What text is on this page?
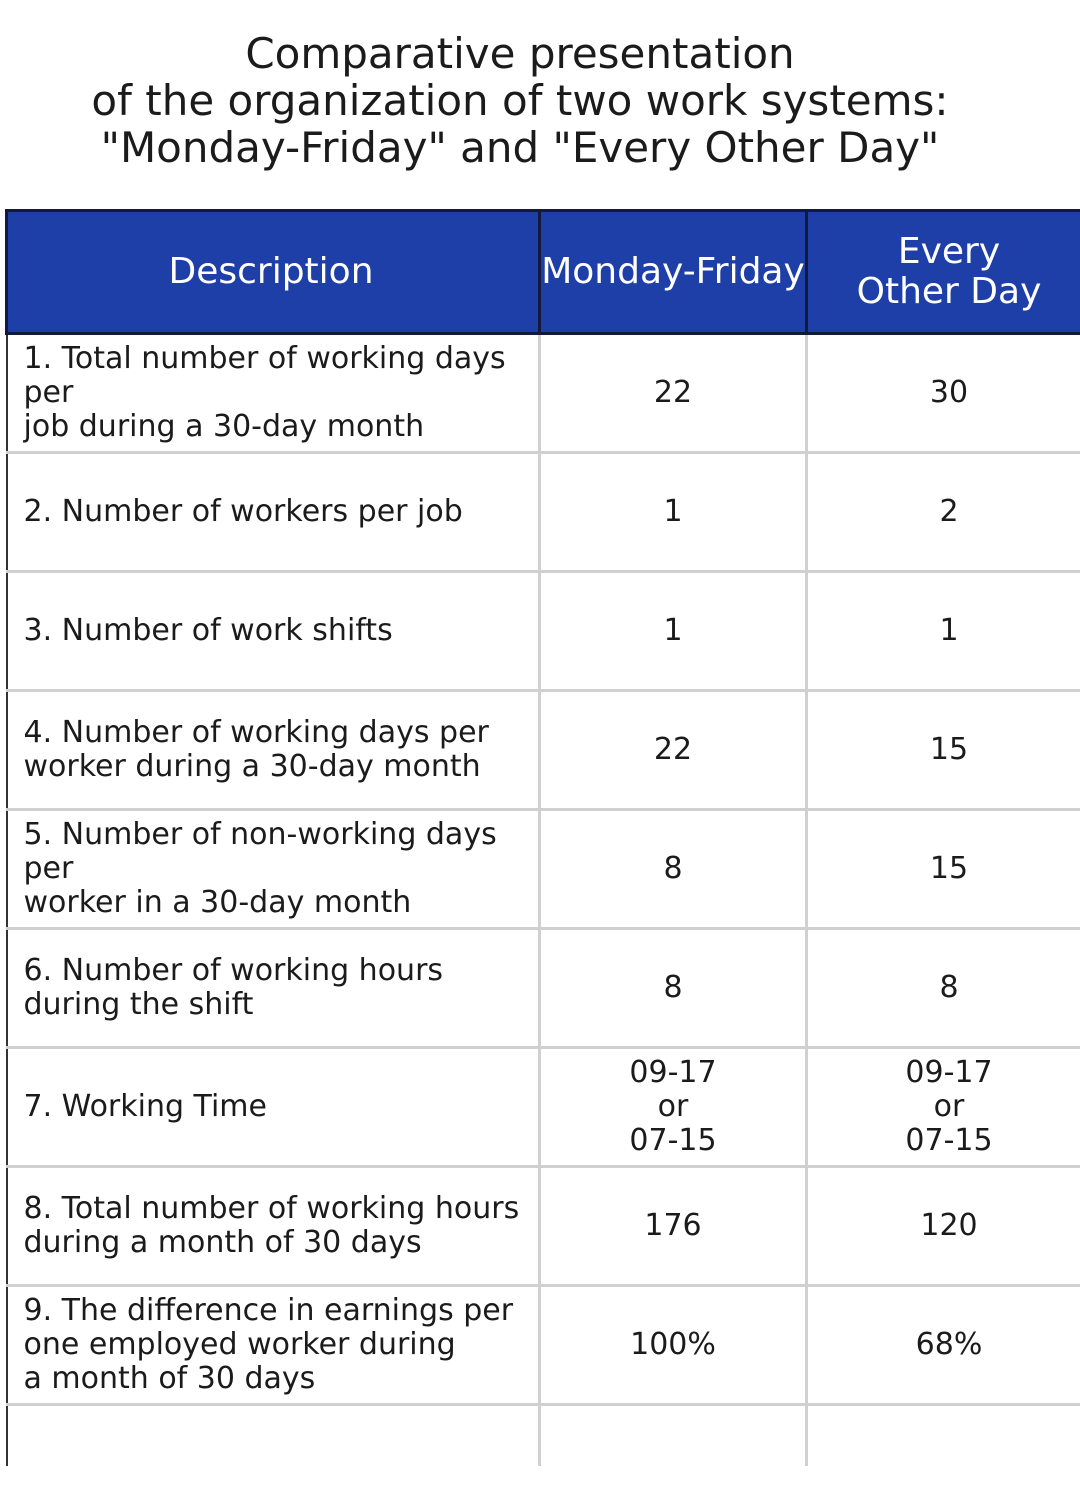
Comparative presentation
of the organization of two work systems:
"Monday-Friday" and "Every Other Day"
Description	Monday-Friday	Every
Other Day

1. Total number of working days per
job during a 30-day month	22	30
2. Number of workers per job	1	2
3. Number of work shifts	1	1
4. Number of working days per
worker during a 30-day month	22	15
5. Number of non-working days per
worker in a 30-day month	8	15
6. Number of working hours
during the shift	8	8
7. Working Time	09-17
or
07-15	09-17
or
07-15
8. Total number of working hours
during a month of 30 days	176	120
9. The difference in earnings per
one employed worker during
a month of 30 days	100%	68%
